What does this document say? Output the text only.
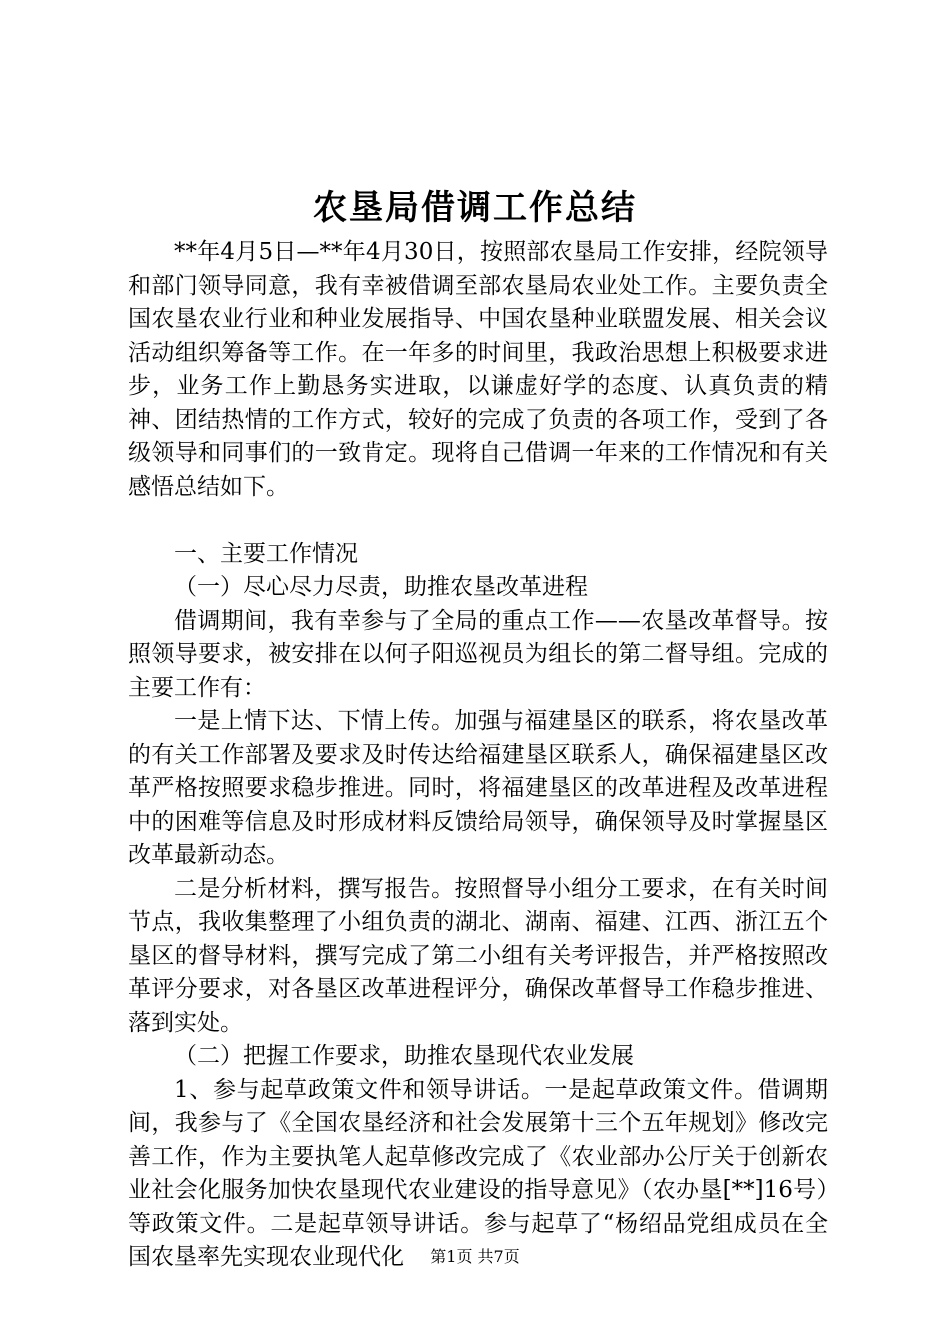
农垦局借调工作总结

**年4月5日—**年4月30日，按照部农垦局工作安排，经院领导和部门领导同意，我有幸被借调至部农垦局农业处工作。主要负责全国农垦农业行业和种业发展指导、中国农垦种业联盟发展、相关会议活动组织筹备等工作。在一年多的时间里，我政治思想上积极要求进步，业务工作上勤恳务实进取，以谦虚好学的态度、认真负责的精神、团结热情的工作方式，较好的完成了负责的各项工作，受到了各级领导和同事们的一致肯定。现将自己借调一年来的工作情况和有关感悟总结如下。

一、主要工作情况

（一）尽心尽力尽责，助推农垦改革进程

借调期间，我有幸参与了全局的重点工作——农垦改革督导。按照领导要求，被安排在以何子阳巡视员为组长的第二督导组。完成的主要工作有：

一是上情下达、下情上传。加强与福建垦区的联系，将农垦改革的有关工作部署及要求及时传达给福建垦区联系人，确保福建垦区改革严格按照要求稳步推进。同时，将福建垦区的改革进程及改革进程中的困难等信息及时形成材料反馈给局领导，确保领导及时掌握垦区改革最新动态。

二是分析材料，撰写报告。按照督导小组分工要求，在有关时间节点，我收集整理了小组负责的湖北、湖南、福建、江西、浙江五个垦区的督导材料，撰写完成了第二小组有关考评报告，并严格按照改革评分要求，对各垦区改革进程评分，确保改革督导工作稳步推进、落到实处。

（二）把握工作要求，助推农垦现代农业发展

1、参与起草政策文件和领导讲话。一是起草政策文件。借调期间，我参与了《全国农垦经济和社会发展第十三个五年规划》修改完善工作，作为主要执笔人起草修改完成了《农业部办公厅关于创新农业社会化服务加快农垦现代农业建设的指导意见》（农办垦[**]16号）等政策文件。二是起草领导讲话。参与起草了“杨绍品党组成员在全国农垦率先实现农业现代化	第1页 共7页
